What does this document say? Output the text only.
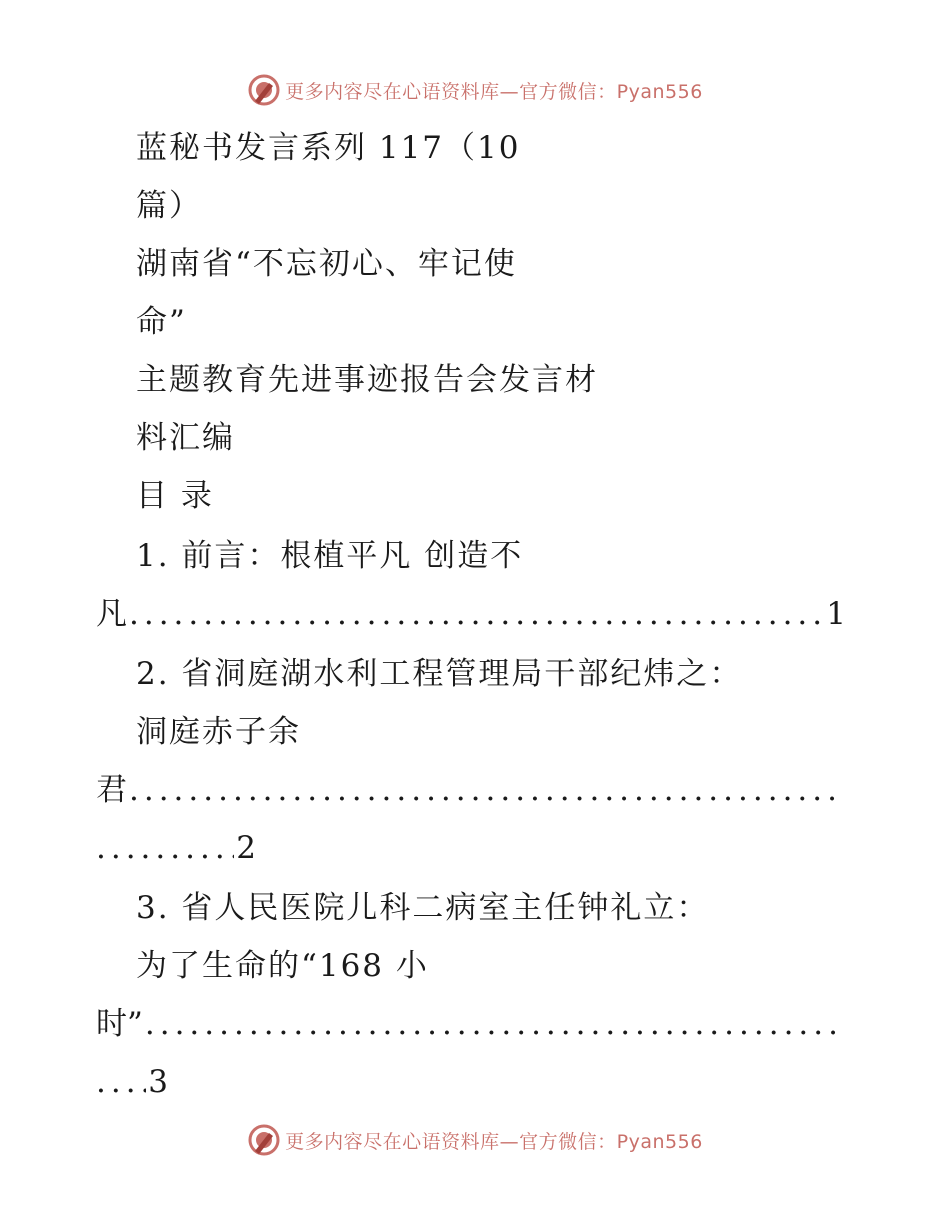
更多内容尽在心语资料库—官方微信：Pyan556
蓝秘书发言系列 117（10
篇）
湖南省“不忘初心、牢记使
命”
主题教育先进事迹报告会发言材
料汇编
目 录
1. 前言：根植平凡 创造不
凡
.....	1
2. 省洞庭湖水利工程管理局干部纪炜之：
洞庭赤子余
君
.....
.....
2
3. 省人民医院儿科二病室主任钟礼立：
为了生命的“168 小
时”
.....
.....
3
更多内容尽在心语资料库—官方微信：Pyan556
